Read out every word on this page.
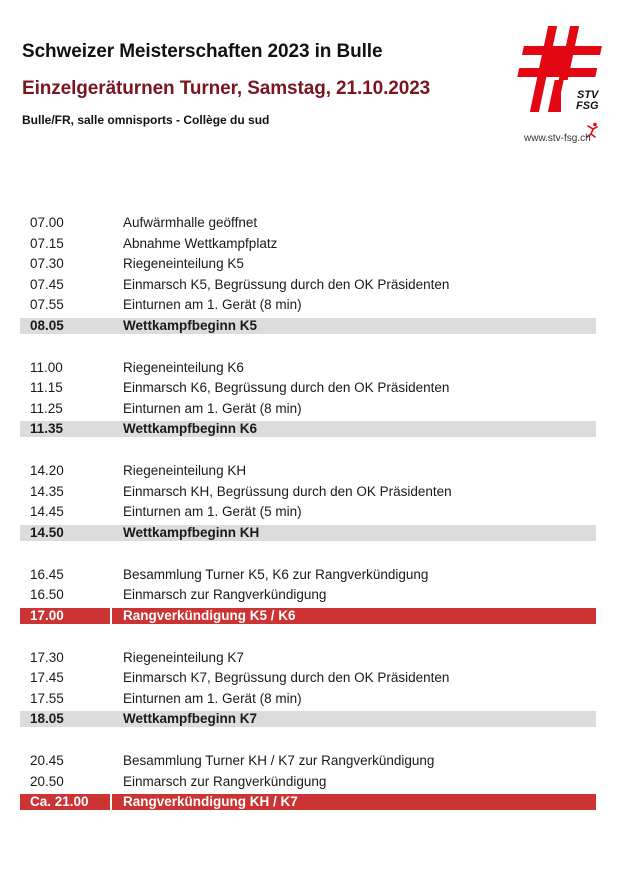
Schweizer Meisterschaften 2023 in Bulle
Einzelgeräturnen Turner, Samstag, 21.10.2023
Bulle/FR, salle omnisports - Collège du sud
STV
FSG
www.stv-fsg.ch
07.00	Aufwärmhalle geöffnet
07.15	Abnahme Wettkampfplatz
07.30	Riegeneinteilung K5
07.45	Einmarsch K5, Begrüssung durch den OK Präsidenten
07.55	Einturnen am 1. Gerät (8 min)
08.05	Wettkampfbeginn K5
11.00	Riegeneinteilung K6
11.15	Einmarsch K6, Begrüssung durch den OK Präsidenten
11.25	Einturnen am 1. Gerät (8 min)
11.35	Wettkampfbeginn K6
14.20	Riegeneinteilung KH
14.35	Einmarsch KH, Begrüssung durch den OK Präsidenten
14.45	Einturnen am 1. Gerät (5 min)
14.50	Wettkampfbeginn KH
16.45	Besammlung Turner K5, K6 zur Rangverkündigung
16.50	Einmarsch zur Rangverkündigung
17.00	Rangverkündigung K5 / K6
17.30	Riegeneinteilung K7
17.45	Einmarsch K7, Begrüssung durch den OK Präsidenten
17.55	Einturnen am 1. Gerät (8 min)
18.05	Wettkampfbeginn K7
20.45	Besammlung Turner KH / K7 zur Rangverkündigung
20.50	Einmarsch zur Rangverkündigung
Ca. 21.00	Rangverkündigung KH / K7
